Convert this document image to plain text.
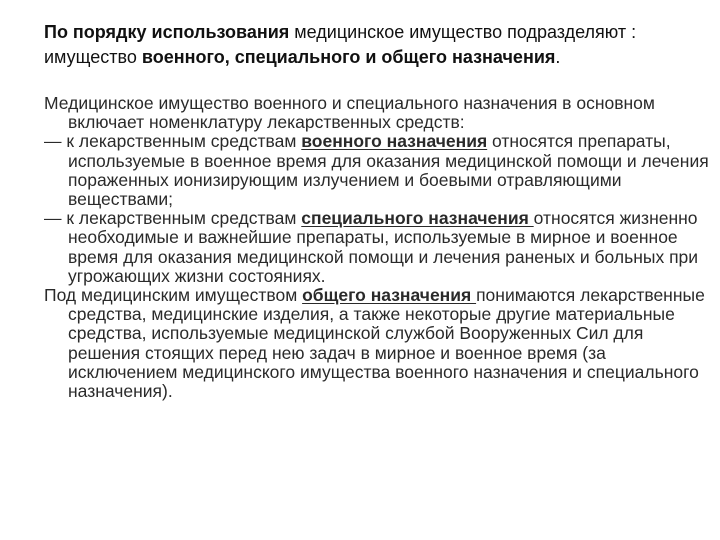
По порядку использования медицинское имущество подразделяют : имущество военного, специального и общего назначения.

Медицинское имущество военного и специального назначения в основном включает номенклатуру лекарственных средств:

— к лекарственным средствам военного назначения относятся препараты, используемые в военное время для оказания медицинской помощи и лечения пораженных ионизирующим излучением и боевыми отравляющими веществами;

— к лекарственным средствам специального назначения относятся жизненно необходимые и важнейшие препараты, используемые в мирное и военное время для оказания медицинской помощи и лечения раненых и больных при угрожающих жизни состояниях.

Под медицинским имуществом общего назначения понимаются лекарственные средства, медицинские изделия, а также некоторые другие материальные средства, используемые медицинской службой Вооруженных Сил для решения стоящих перед нею задач в мирное и военное время (за исключением медицинского имущества военного назначения и специального назначения).
